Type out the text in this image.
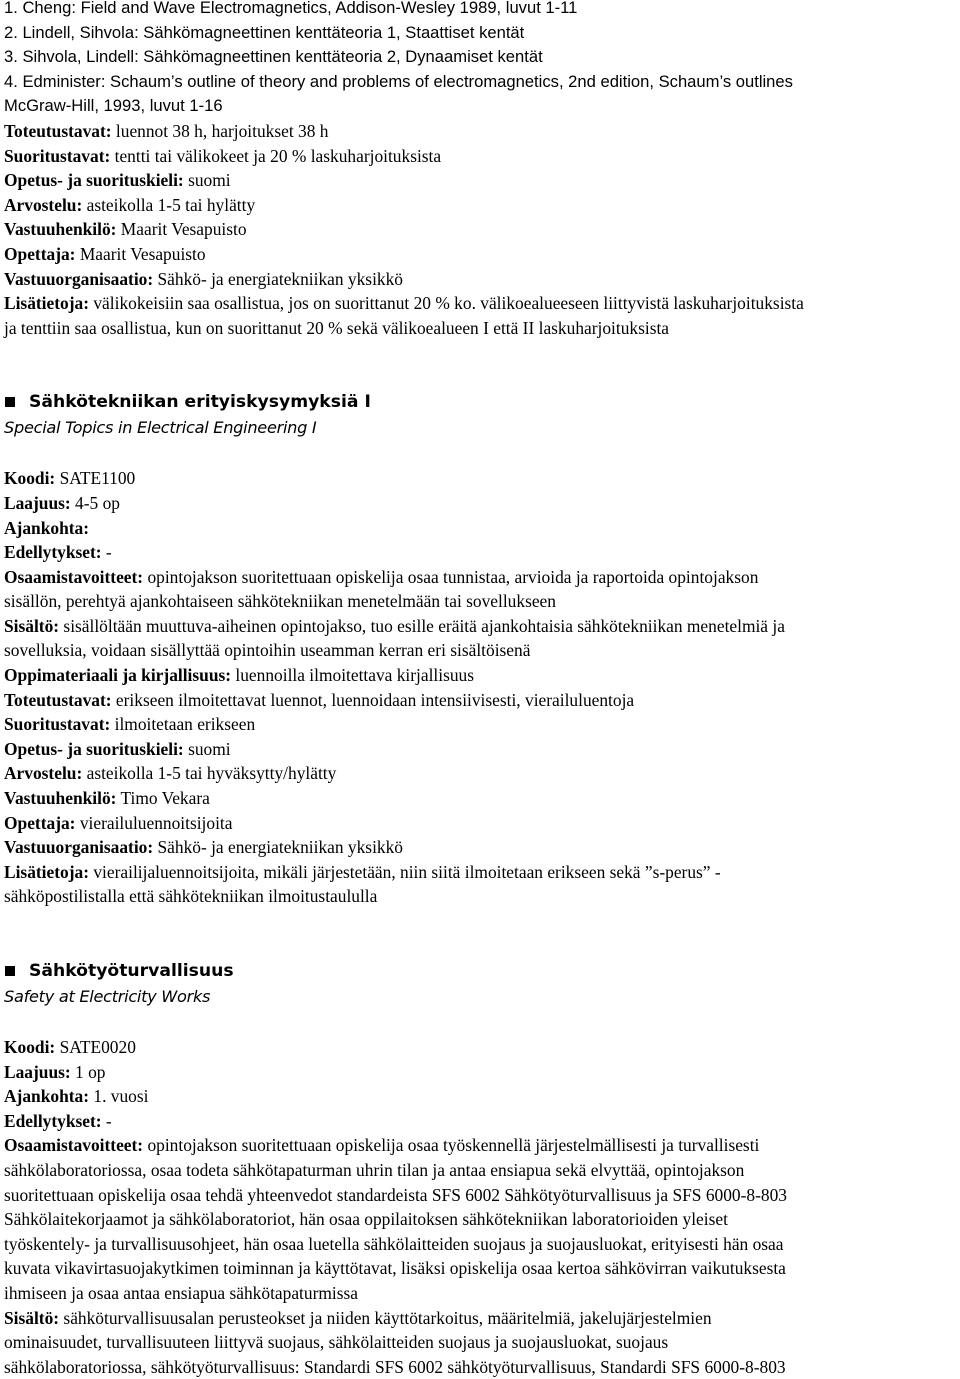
1. Cheng: Field and Wave Electromagnetics, Addison-Wesley 1989, luvut 1-11
2. Lindell, Sihvola: Sähkömagneettinen kenttäteoria 1, Staattiset kentät
3. Sihvola, Lindell: Sähkömagneettinen kenttäteoria 2, Dynaamiset kentät
4. Edminister: Schaum’s outline of theory and problems of electromagnetics, 2nd edition, Schaum’s outlines
McGraw-Hill, 1993, luvut 1-16
Toteutustavat: luennot 38 h, harjoitukset 38 h
Suoritustavat: tentti tai välikokeet ja 20 % laskuharjoituksista
Opetus- ja suorituskieli: suomi
Arvostelu: asteikolla 1-5 tai hylätty
Vastuuhenkilö: Maarit Vesapuisto
Opettaja: Maarit Vesapuisto
Vastuuorganisaatio: Sähkö- ja energiatekniikan yksikkö
Lisätietoja: välikokeisiin saa osallistua, jos on suorittanut 20 % ko. välikoealueeseen liittyvistä laskuharjoituksista
ja tenttiin saa osallistua, kun on suorittanut 20 % sekä välikoealueen I että II laskuharjoituksista
Sähkötekniikan erityiskysymyksiä I
Special Topics in Electrical Engineering I
Koodi: SATE1100
Laajuus: 4-5 op
Ajankohta:
Edellytykset: -
Osaamistavoitteet: opintojakson suoritettuaan opiskelija osaa tunnistaa, arvioida ja raportoida opintojakson
sisällön, perehtyä ajankohtaiseen sähkötekniikan menetelmään tai sovellukseen
Sisältö: sisällöltään muuttuva-aiheinen opintojakso, tuo esille eräitä ajankohtaisia sähkötekniikan menetelmiä ja
sovelluksia, voidaan sisällyttää opintoihin useamman kerran eri sisältöisenä
Oppimateriaali ja kirjallisuus: luennoilla ilmoitettava kirjallisuus
Toteutustavat: erikseen ilmoitettavat luennot, luennoidaan intensiivisesti, vierailuluentoja
Suoritustavat: ilmoitetaan erikseen
Opetus- ja suorituskieli: suomi
Arvostelu: asteikolla 1-5 tai hyväksytty/hylätty
Vastuuhenkilö: Timo Vekara
Opettaja: vierailuluennoitsijoita
Vastuuorganisaatio: Sähkö- ja energiatekniikan yksikkö
Lisätietoja: vierailijaluennoitsijoita, mikäli järjestetään, niin siitä ilmoitetaan erikseen sekä ”s-perus” -
sähköpostilistalla että sähkötekniikan ilmoitustaululla
Sähkötyöturvallisuus
Safety at Electricity Works
Koodi: SATE0020
Laajuus: 1 op
Ajankohta: 1. vuosi
Edellytykset: -
Osaamistavoitteet: opintojakson suoritettuaan opiskelija osaa työskennellä järjestelmällisesti ja turvallisesti
sähkölaboratoriossa, osaa todeta sähkötapaturman uhrin tilan ja antaa ensiapua sekä elvyttää, opintojakson
suoritettuaan opiskelija osaa tehdä yhteenvedot standardeista SFS 6002 Sähkötyöturvallisuus ja SFS 6000-8-803
Sähkölaitekorjaamot ja sähkölaboratoriot, hän osaa oppilaitoksen sähkötekniikan laboratorioiden yleiset
työskentely- ja turvallisuusohjeet, hän osaa luetella sähkölaitteiden suojaus ja suojausluokat, erityisesti hän osaa
kuvata vikavirtasuojakytkimen toiminnan ja käyttötavat, lisäksi opiskelija osaa kertoa sähkövirran vaikutuksesta
ihmiseen ja osaa antaa ensiapua sähkötapaturmissa
Sisältö: sähköturvallisuusalan perusteokset ja niiden käyttötarkoitus, määritelmiä, jakelujärjestelmien
ominaisuudet, turvallisuuteen liittyvä suojaus, sähkölaitteiden suojaus ja suojausluokat, suojaus
sähkölaboratoriossa, sähkötyöturvallisuus: Standardi SFS 6002 sähkötyöturvallisuus, Standardi SFS 6000-8-803
